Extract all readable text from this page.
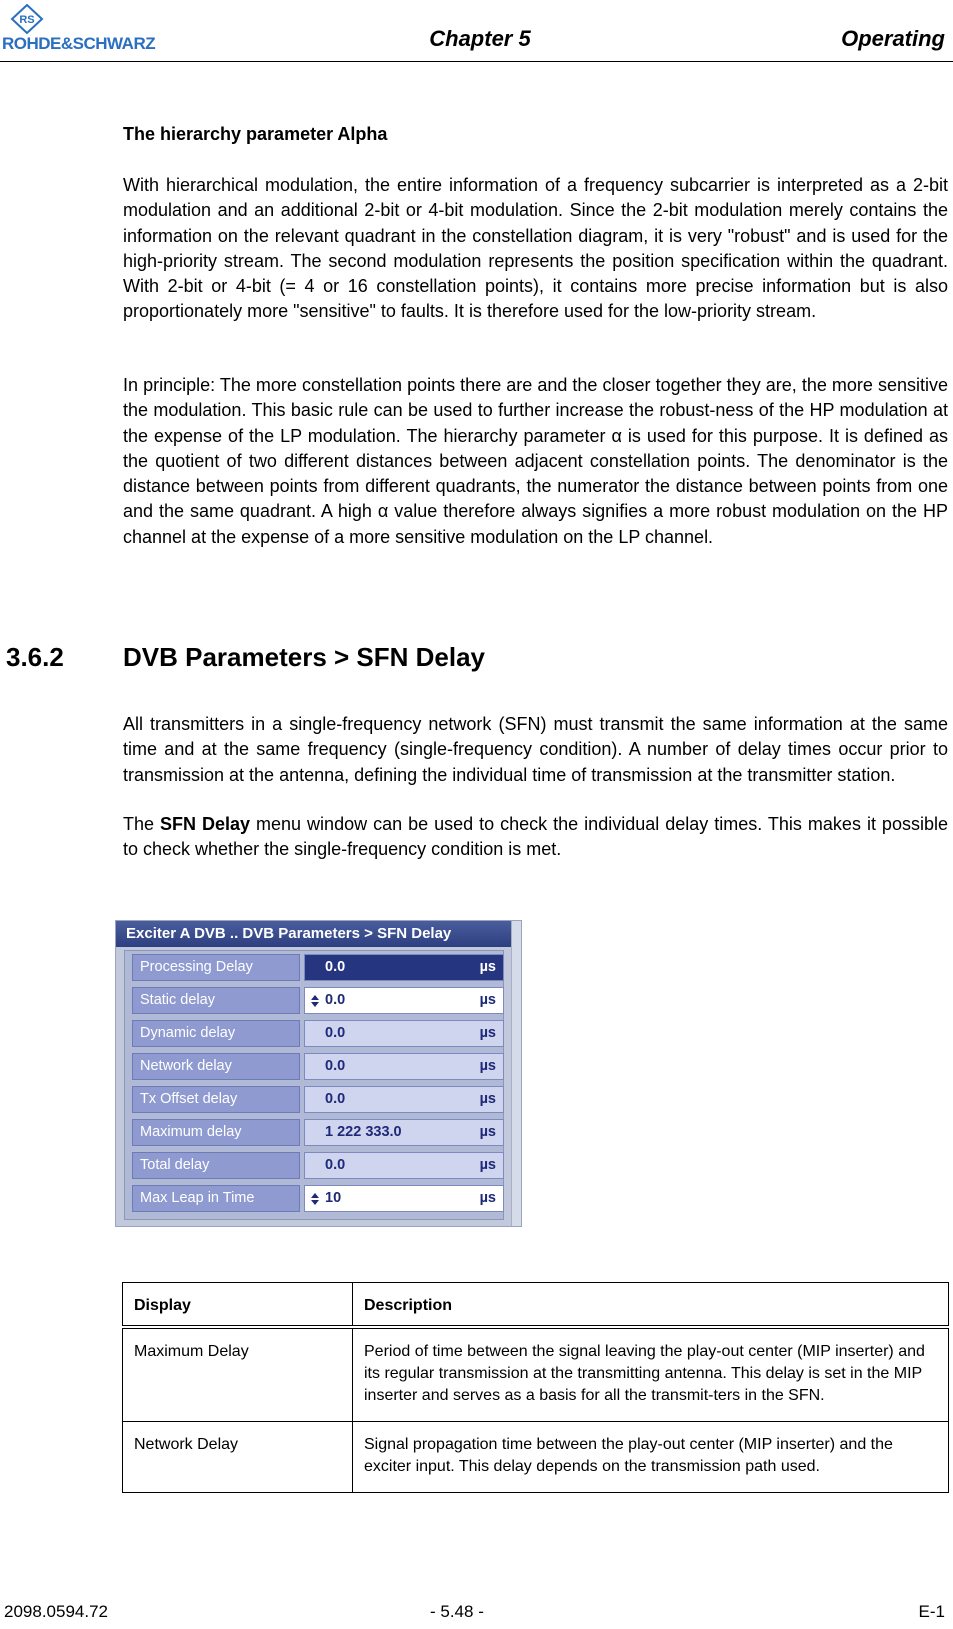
RS
ROHDE&SCHWARZ	Chapter 5	Operating
The hierarchy parameter Alpha
With hierarchical modulation, the entire information of a frequency subcarrier is interpreted as a 2-bit modulation and an additional 2-bit or 4-bit modulation. Since the 2-bit modulation merely contains the information on the relevant quadrant in the constellation diagram, it is very "robust" and is used for the high-priority stream. The second modulation represents the position specification within the quadrant. With 2-bit or 4-bit (= 4 or 16 constellation points), it contains more precise information but is also proportionately more "sensitive" to faults. It is therefore used for the low-priority stream.
In principle: The more constellation points there are and the closer together they are, the more sensitive the modulation. This basic rule can be used to further increase the robust-ness of the HP modulation at the expense of the LP modulation. The hierarchy parameter α is used for this purpose. It is defined as the quotient of two different distances between adjacent constellation points. The denominator is the distance between points from different quadrants, the numerator the distance between points from one and the same quadrant. A high α value therefore always signifies a more robust modulation on the HP channel at the expense of a more sensitive modulation on the LP channel.
3.6.2 DVB Parameters > SFN Delay
All transmitters in a single-frequency network (SFN) must transmit the same information at the same time and at the same frequency (single-frequency condition). A number of delay times occur prior to transmission at the antenna, defining the individual time of transmission at the transmitter station.
The SFN Delay menu window can be used to check the individual delay times. This makes it possible to check whether the single-frequency condition is met.
Exciter A DVB .. DVB Parameters > SFN Delay
Processing Delay	0.0	µs
Static delay	0.0	µs
Dynamic delay	0.0	µs
Network delay	0.0	µs
Tx Offset delay	0.0	µs
Maximum delay	1 222 333.0	µs
Total delay	0.0	µs
Max Leap in Time	10	µs
Display	Description
Maximum Delay	Period of time between the signal leaving the play-out center (MIP inserter) and its regular transmission at the transmitting antenna. This delay is set in the MIP inserter and serves as a basis for all the transmit-ters in the SFN.
Network Delay	Signal propagation time between the play-out center (MIP inserter) and the exciter input. This delay depends on the transmission path used.
2098.0594.72	- 5.48 -	E-1
